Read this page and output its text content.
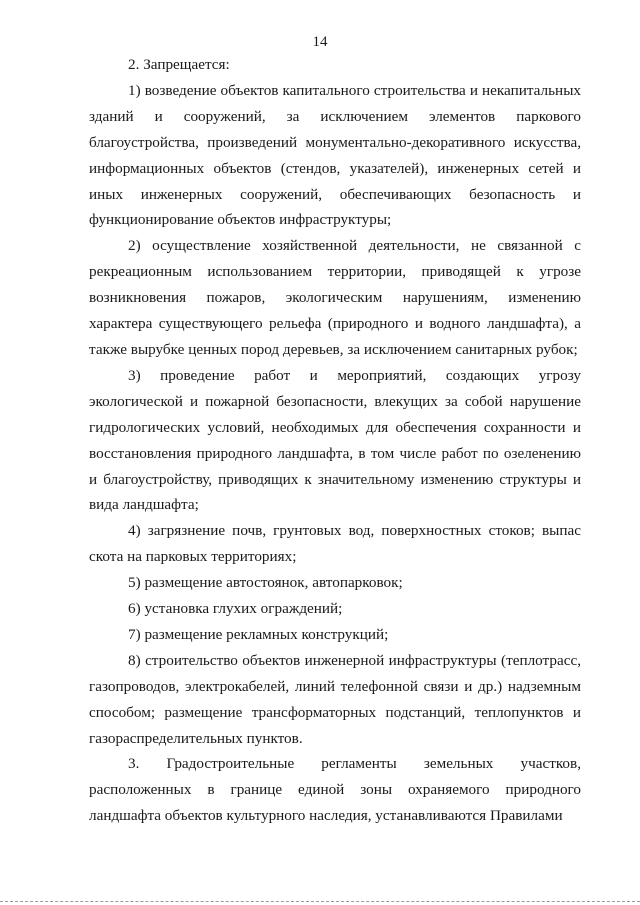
14

2. Запрещается:

1) возведение объектов капитального строительства и некапитальных зданий и сооружений, за исключением элементов паркового благоустройства, произведений монументально-декоративного искусства, информационных объектов (стендов, указателей), инженерных сетей и иных инженерных сооружений, обеспечивающих безопасность и функционирование объектов инфраструктуры;

2) осуществление хозяйственной деятельности, не связанной с рекреационным использованием территории, приводящей к угрозе возникновения пожаров, экологическим нарушениям, изменению характера существующего рельефа (природного и водного ландшафта), а также вырубке ценных пород деревьев, за исключением санитарных рубок;

3) проведение работ и мероприятий, создающих угрозу экологической и пожарной безопасности, влекущих за собой нарушение гидрологических условий, необходимых для обеспечения сохранности и восстановления природного ландшафта, в том числе работ по озеленению и благоустройству, приводящих к значительному изменению структуры и вида ландшафта;

4) загрязнение почв, грунтовых вод, поверхностных стоков; выпас скота на парковых территориях;

5) размещение автостоянок, автопарковок;

6) установка глухих ограждений;

7) размещение рекламных конструкций;

8) строительство объектов инженерной инфраструктуры (теплотрасс, газопроводов, электрокабелей, линий телефонной связи и др.) надземным способом; размещение трансформаторных подстанций, теплопунктов и газораспределительных пунктов.

3. Градостроительные регламенты земельных участков, расположенных в границе единой зоны охраняемого природного ландшафта объектов культурного наследия, устанавливаются Правилами
